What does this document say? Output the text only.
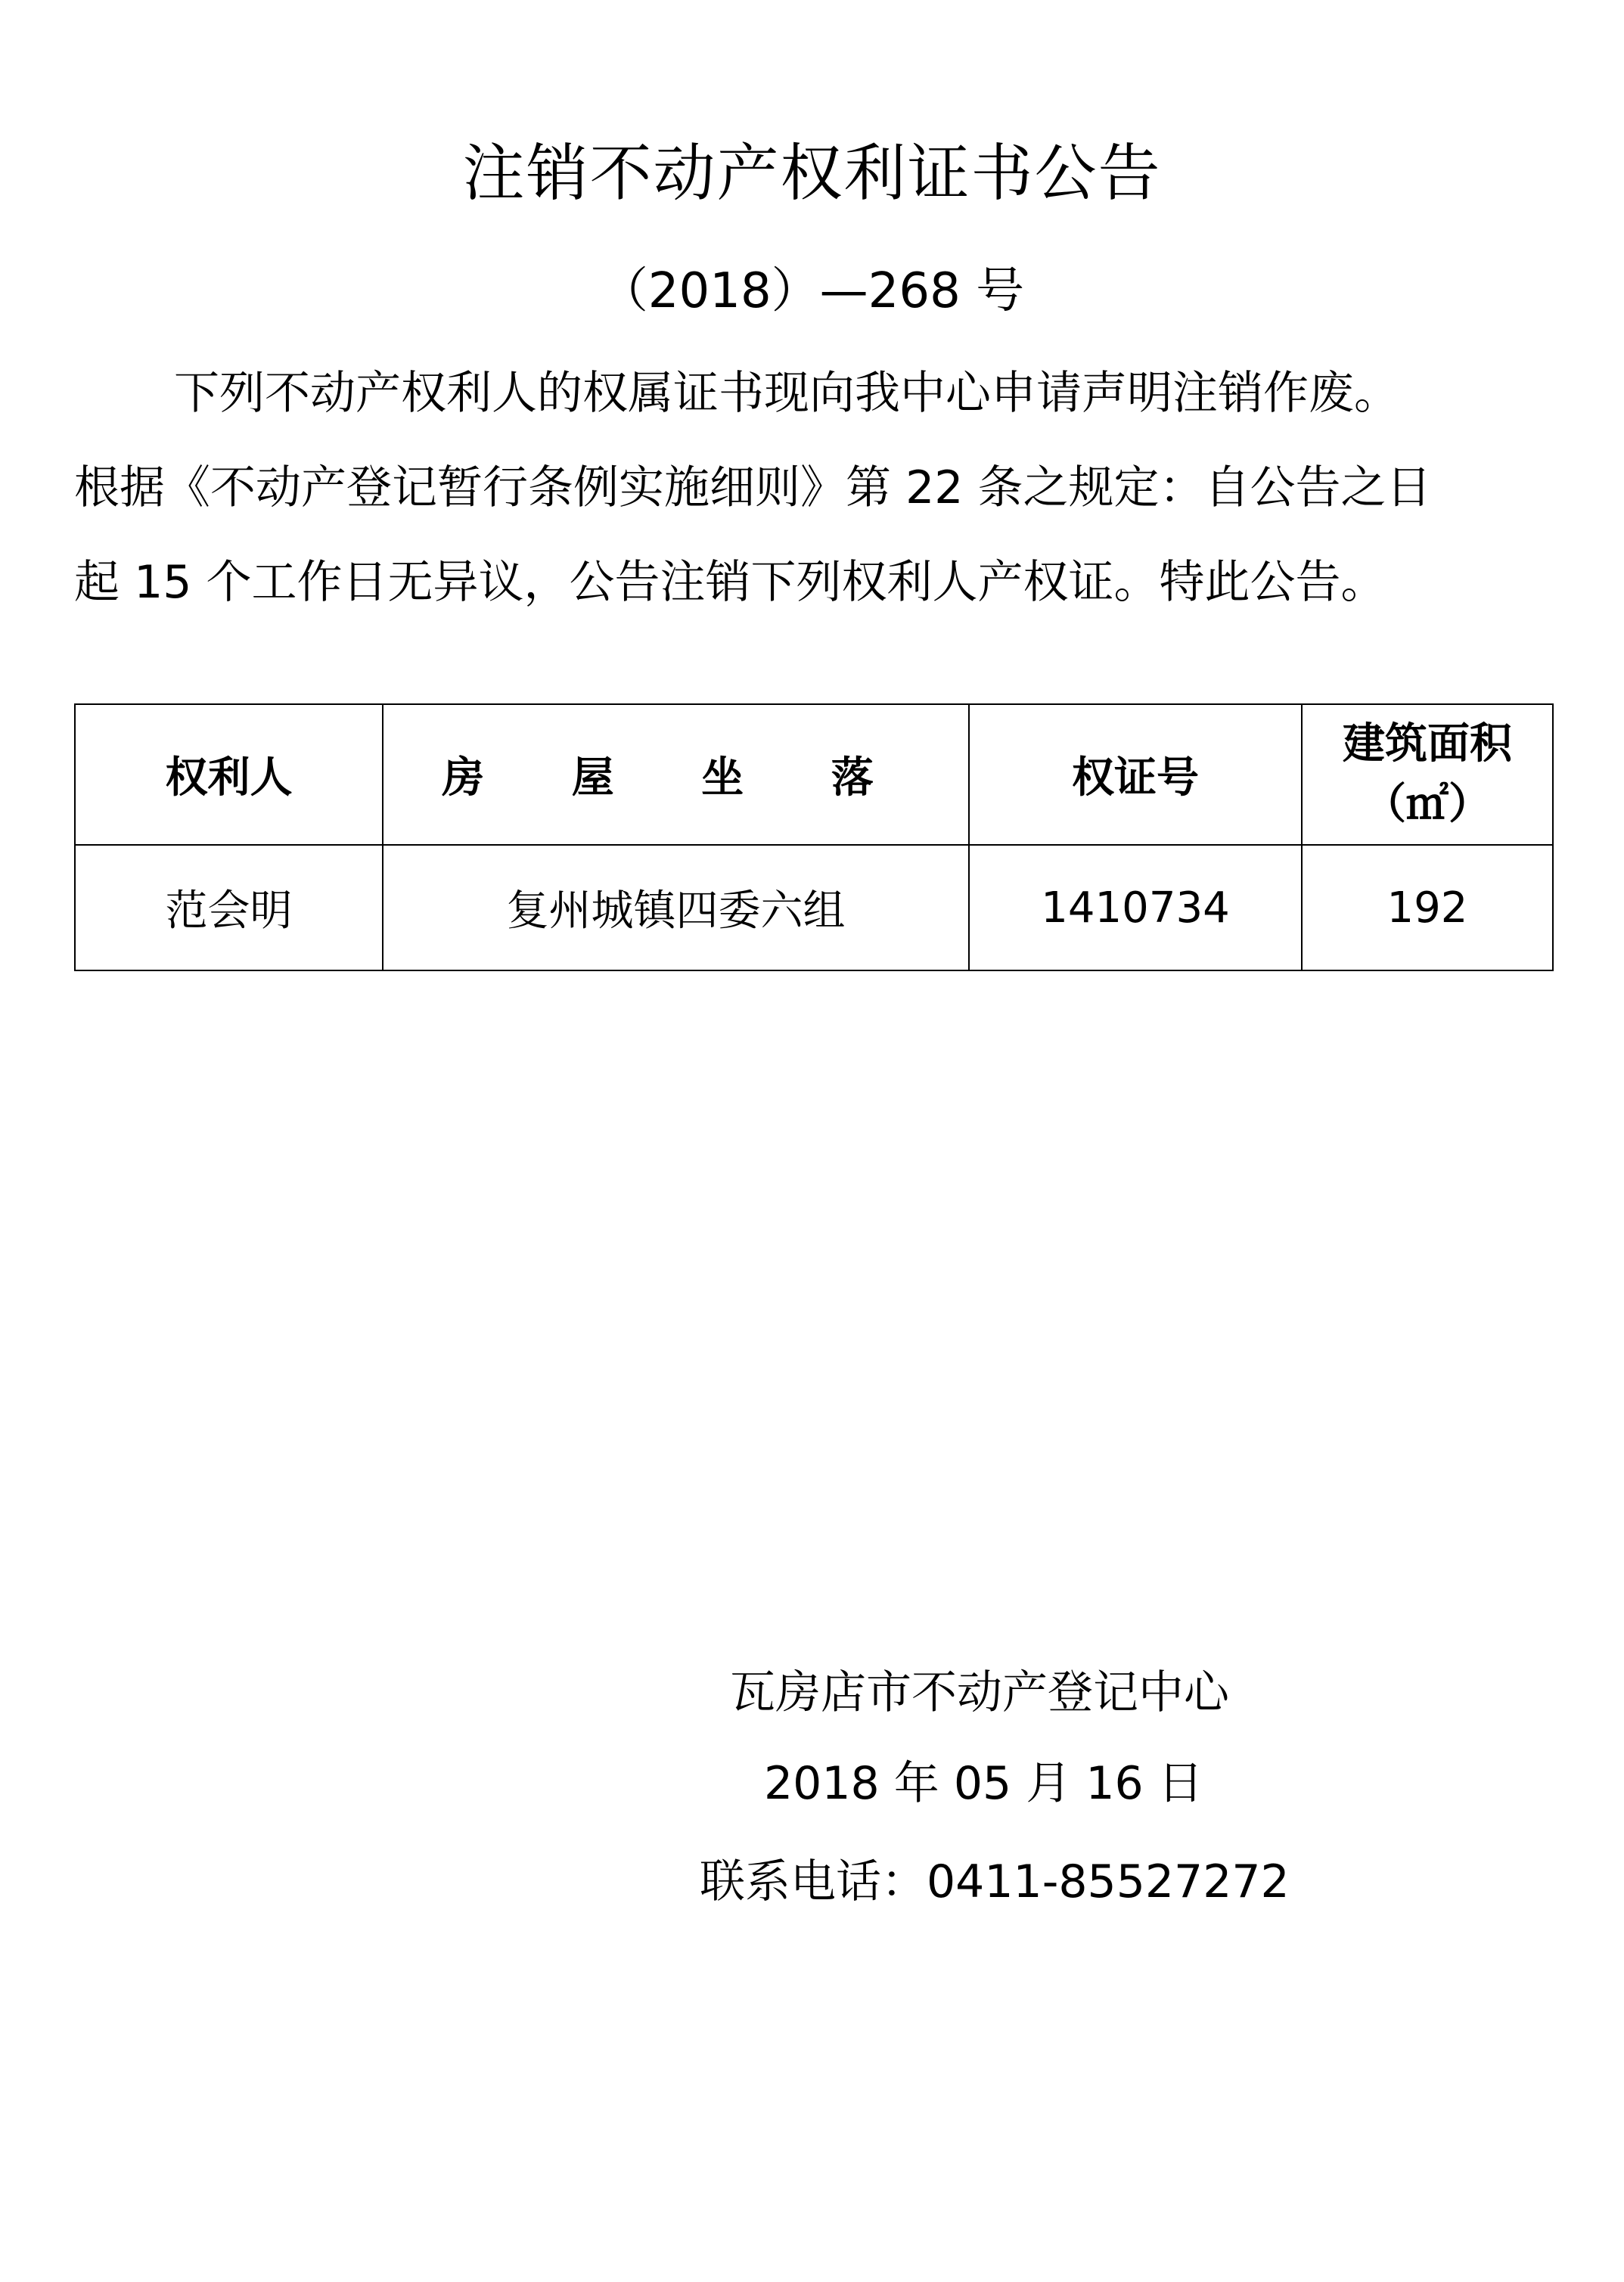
注销不动产权利证书公告
（2018）—268 号
下列不动产权利人的权属证书现向我中心申请声明注销作废。
根据《不动产登记暂行条例实施细则》第 22 条之规定：自公告之日
起 15 个工作日无异议，公告注销下列权利人产权证。特此公告。
权利人	房 屋 坐 落	权证号	建筑面积
（㎡）

范会明	复州城镇四委六组	1410734	192
瓦房店市不动产登记中心
2018 年 05 月 16 日
联系电话：0411-85527272
